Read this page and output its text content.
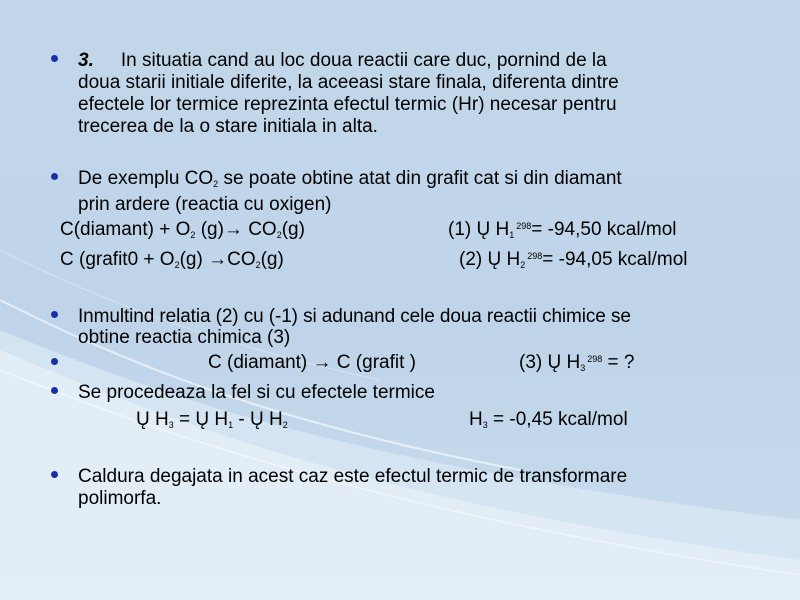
3. In situatia cand au loc doua reactii care duc, pornind de la
doua starii initiale diferite, la aceeasi stare finala, diferenta dintre
efectele lor termice reprezinta efectul termic (Hr) necesar pentru
trecerea de la o stare initiala in alta.
De exemplu $CO_2$ se poate obtine atat din grafit cat si din diamant
prin ardere (reactia cu oxigen)
C(diamant) + $O_2$ $(g)\to CO_2(g)$	(1) Ų $H_1^{298}= -94,50$ kcal/mol
C (grafit0 + $O_2(g) \to CO_2(g)$	(2) Ų $H_2^{298}= -94,05$ kcal/mol
Inmultind relatia (2) cu (-1) si adunand cele doua reactii chimice se
obtine reactia chimica (3)
C (diamant) → C (grafit )	(3) Ų $H_3^{298}$ = ?
Se procedeaza la fel si cu efectele termice
Ų $H_3$ = Ų $H_1$ - Ų $H_2$	$H_3 = -0,45$ kcal/mol
Caldura degajata in acest caz este efectul termic de transformare
polimorfa.
